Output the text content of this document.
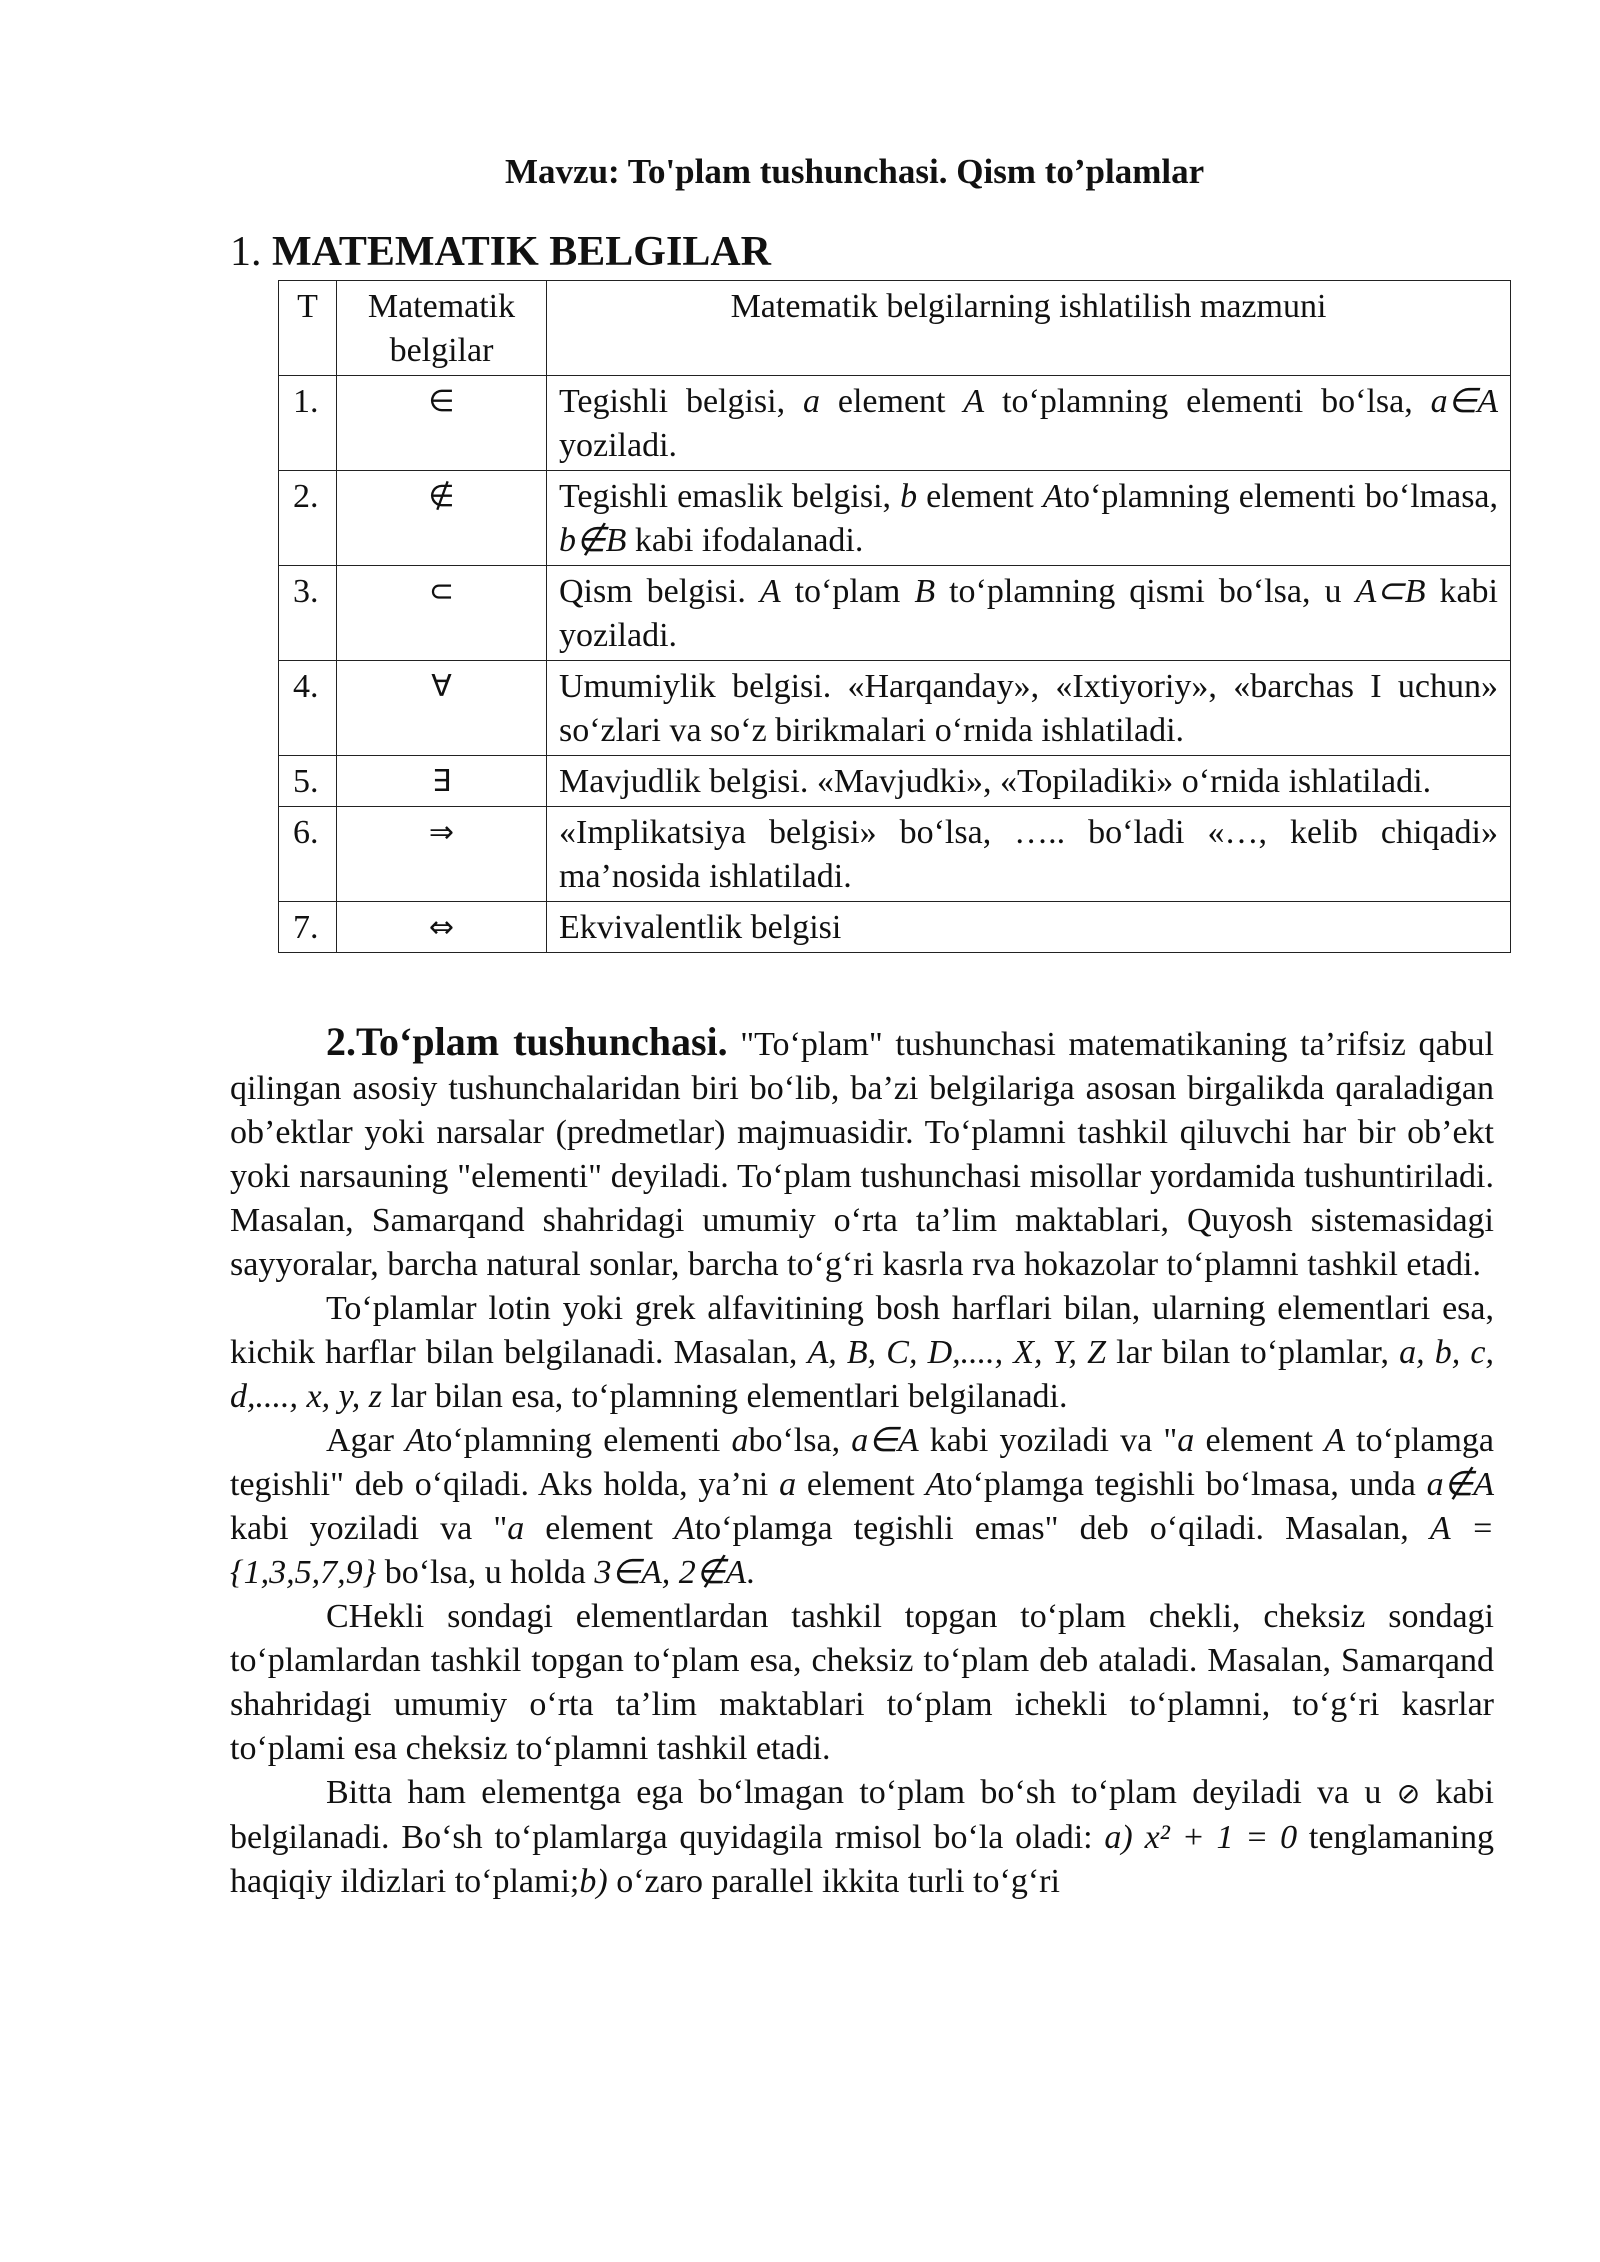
Mavzu: To'plam tushunchasi. Qism to’plamlar
1. MATEMATIK BELGILAR
T	Matematik belgilar	Matematik belgilarning ishlatilish mazmuni
1.	∈	Tegishli belgisi, a element A to‘plamning elementi bo‘lsa, a∈A yoziladi.
2.	∉	Tegishli emaslik belgisi, b element Ato‘plamning elementi bo‘lmasa, b∉B kabi ifodalanadi.
3.	⊂	Qism belgisi. A to‘plam B to‘plamning qismi bo‘lsa, u A⊂B kabi yoziladi.
4.	∀	Umumiylik belgisi. «Harqanday», «Ixtiyoriy», «barchas I uchun» so‘zlari va so‘z birikmalari o‘rnida ishlatiladi.
5.	∃	Mavjudlik belgisi. «Mavjudki», «Topiladiki» o‘rnida ishlatiladi.
6.	⇒	«Implikatsiya belgisi» bo‘lsa, ….. bo‘ladi «…, kelib chiqadi» ma’nosida ishlatiladi.
7.	⇔	Ekvivalentlik belgisi

2.To‘plam tushunchasi. "To‘plam" tushunchasi matematikaning ta’rifsiz qabul qilingan asosiy tushunchalaridan biri bo‘lib, ba’zi belgilariga asosan birgalikda qaraladigan ob’ektlar yoki narsalar (predmetlar) majmuasidir. To‘plamni tashkil qiluvchi har bir ob’ekt yoki narsauning "elementi" deyiladi. To‘plam tushunchasi misollar yordamida tushuntiriladi. Masalan, Samarqand shahridagi umumiy o‘rta ta’lim maktablari, Quyosh sistemasidagi sayyoralar, barcha natural sonlar, barcha to‘g‘ri kasrla rva hokazolar to‘plamni tashkil etadi.

To‘plamlar lotin yoki grek alfavitining bosh harflari bilan, ularning elementlari esa, kichik harflar bilan belgilanadi. Masalan, A, B, C, D,...., X, Y, Z lar bilan to‘plamlar, a, b, c, d,...., x, y, z lar bilan esa, to‘plamning elementlari belgilanadi.

Agar Ato‘plamning elementi abo‘lsa, a∈A kabi yoziladi va "a element A to‘plamga tegishli" deb o‘qiladi. Aks holda, ya’ni a element Ato‘plamga tegishli bo‘lmasa, unda a∉A kabi yoziladi va "a element Ato‘plamga tegishli emas" deb o‘qiladi. Masalan, A = {1,3,5,7,9} bo‘lsa, u holda 3∈A, 2∉A.

CHekli sondagi elementlardan tashkil topgan to‘plam chekli, cheksiz sondagi to‘plamlardan tashkil topgan to‘plam esa, cheksiz to‘plam deb ataladi. Masalan, Samarqand shahridagi umumiy o‘rta ta’lim maktablari to‘plam ichekli to‘plamni, to‘g‘ri kasrlar to‘plami esa cheksiz to‘plamni tashkil etadi.

Bitta ham elementga ega bo‘lmagan to‘plam bo‘sh to‘plam deyiladi va u ⊘ kabi belgilanadi. Bo‘sh to‘plamlarga quyidagila rmisol bo‘la oladi: a) x² + 1 = 0 tenglamaning haqiqiy ildizlari to‘plami;b) o‘zaro parallel ikkita turli to‘g‘ri
